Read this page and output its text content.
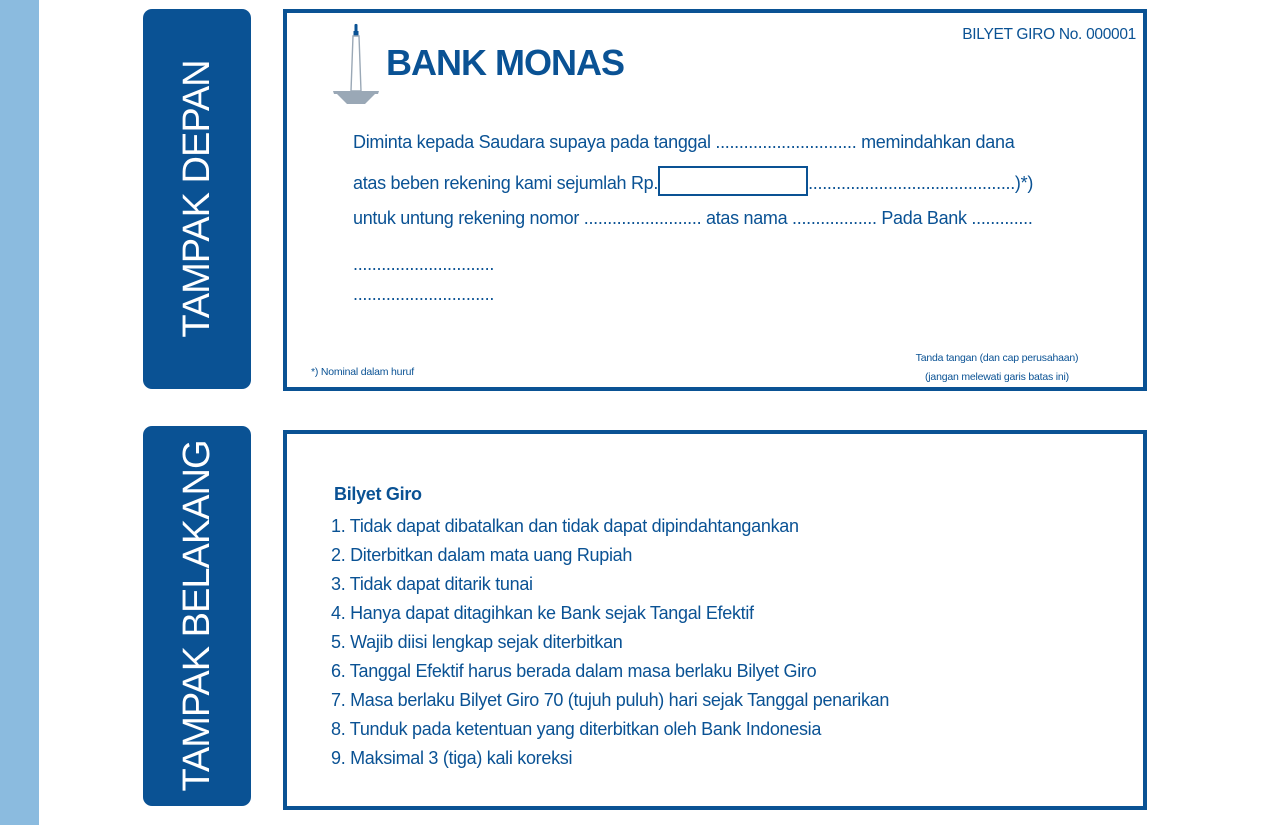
TAMPAK DEPAN
TAMPAK BELAKANG
BANK MONAS
BILYET GIRO No. 000001
Diminta kepada Saudara supaya pada tanggal .............................. memindahkan dana
atas beben rekening kami sejumlah Rp.	............................................)*)
untuk untung rekening nomor ......................... atas nama .................. Pada Bank .............
..............................
..............................
*) Nominal dalam huruf
Tanda tangan (dan cap perusahaan)
(jangan melewati garis batas ini)
Bilyet Giro
1. Tidak dapat dibatalkan dan tidak dapat dipindahtangankan
2. Diterbitkan dalam mata uang Rupiah
3. Tidak dapat ditarik tunai
4. Hanya dapat ditagihkan ke Bank sejak Tangal Efektif
5. Wajib diisi lengkap sejak diterbitkan
6. Tanggal Efektif harus berada dalam masa berlaku Bilyet Giro
7. Masa berlaku Bilyet Giro 70 (tujuh puluh) hari sejak Tanggal penarikan
8. Tunduk pada ketentuan yang diterbitkan oleh Bank Indonesia
9. Maksimal 3 (tiga) kali koreksi
